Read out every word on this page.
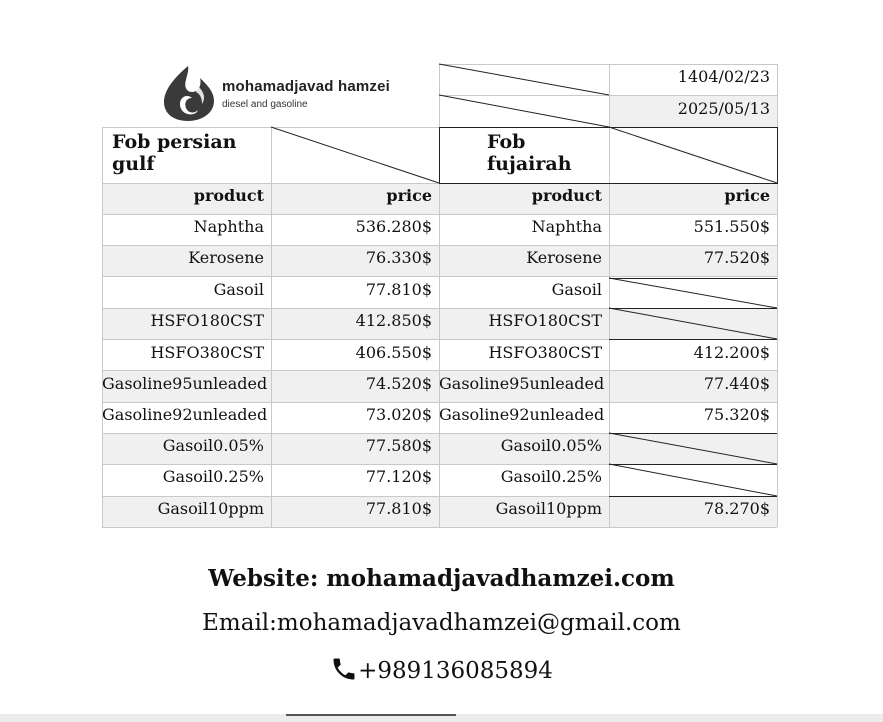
mohamadjavad hamzei
diesel and gasoline
1404/02/23
2025/05/13
Fob persian gulf
Fob fujairah
product	price	product	price
Naphtha	536.280$	Naphtha	551.550$
Kerosene	76.330$	Kerosene	77.520$
Gasoil	77.810$	Gasoil
HSFO180CST	412.850$	HSFO180CST
HSFO380CST	406.550$	HSFO380CST	412.200$
Gasoline95unleaded	74.520$ Gasoline95unleaded	77.440$
Gasoline92unleaded	73.020$ Gasoline92unleaded	75.320$
Gasoil0.05%	77.580$	Gasoil0.05%
Gasoil0.25%	77.120$	Gasoil0.25%
Gasoil10ppm	77.810$	Gasoil10ppm	78.270$
Website: mohamadjavadhamzei.com
Email:mohamadjavadhamzei@gmail.com
+989136085894
